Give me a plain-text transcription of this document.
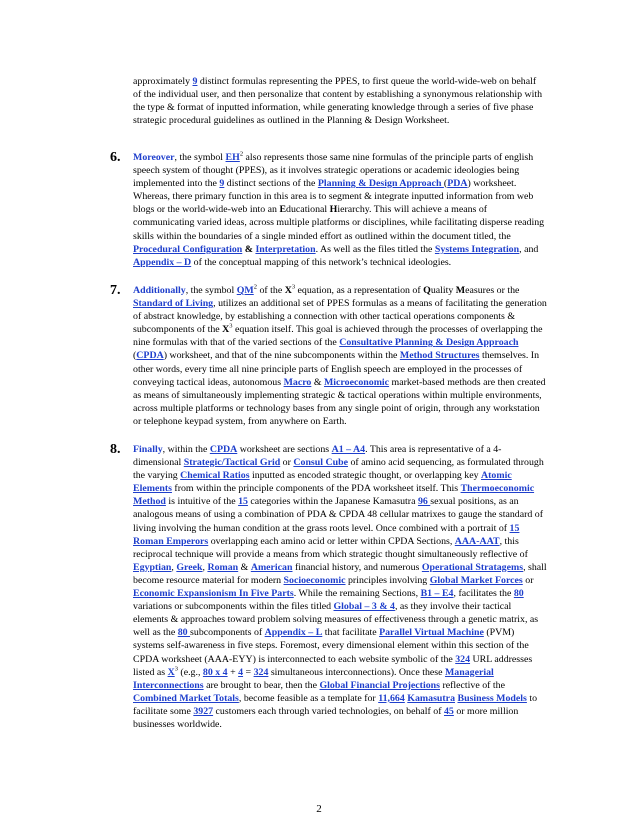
approximately 9 distinct formulas representing the PPES, to first queue the world-wide-web on behalf of the individual user, and then personalize that content by establishing a synonymous relationship with the type & format of inputted information, while generating knowledge through a series of five phase strategic procedural guidelines as outlined in the Planning & Design Worksheet.
6. Moreover, the symbol $EH^2$ also represents those same nine formulas of the principle parts of english speech system of thought (PPES), as it involves strategic operations or academic ideologies being implemented into the 9 distinct sections of the Planning & Design Approach (PDA) worksheet. Whereas, there primary function in this area is to segment & integrate inputted information from web blogs or the world-wide-web into an Educational Hierarchy. This will achieve a means of communicating varied ideas, across multiple platforms or disciplines, while facilitating disperse reading skills within the boundaries of a single minded effort as outlined within the document titled, the Procedural Configuration & Interpretation. As well as the files titled the Systems Integration, and Appendix – D of the conceptual mapping of this network’s technical ideologies.
7. Additionally, the symbol $QM^2$ of the $X^3$ equation, as a representation of Quality Measures or the Standard of Living, utilizes an additional set of PPES formulas as a means of facilitating the generation of abstract knowledge, by establishing a connection with other tactical operations components & subcomponents of the $X^3$ equation itself. This goal is achieved through the processes of overlapping the nine formulas with that of the varied sections of the Consultative Planning & Design Approach (CPDA) worksheet, and that of the nine subcomponents within the Method Structures themselves. In other words, every time all nine principle parts of English speech are employed in the processes of conveying tactical ideas, autonomous Macro & Microeconomic market-based methods are then created as means of simultaneously implementing strategic & tactical operations within multiple environments, across multiple platforms or technology bases from any single point of origin, through any workstation or telephone keypad system, from anywhere on Earth.
8. Finally, within the CPDA worksheet are sections A1 – A4. This area is representative of a 4-dimensional Strategic/Tactical Grid or Consul Cube of amino acid sequencing, as formulated through the varying Chemical Ratios inputted as encoded strategic thought, or overlapping key Atomic Elements from within the principle components of the PDA worksheet itself. This Thermoeconomic Method is intuitive of the 15 categories within the Japanese Kamasutra 96 sexual positions, as an analogous means of using a combination of PDA & CPDA 48 cellular matrixes to gauge the standard of living involving the human condition at the grass roots level. Once combined with a portrait of 15 Roman Emperors overlapping each amino acid or letter within CPDA Sections, AAA-AAT, this reciprocal technique will provide a means from which strategic thought simultaneously reflective of Egyptian, Greek, Roman & American financial history, and numerous Operational Stratagems, shall become resource material for modern Socioeconomic principles involving Global Market Forces or Economic Expansionism In Five Parts. While the remaining Sections, B1 – E4, facilitates the 80 variations or subcomponents within the files titled Global – 3 & 4, as they involve their tactical elements & approaches toward problem solving measures of effectiveness through a genetic matrix, as well as the 80 subcomponents of Appendix – L that facilitate Parallel Virtual Machine (PVM) systems self-awareness in five steps. Foremost, every dimensional element within this section of the CPDA worksheet (AAA-EYY) is interconnected to each website symbolic of the 324 URL addresses listed as $X^3$ (e.g., 80 x 4 + 4 = 324 simultaneous interconnections). Once these Managerial Interconnections are brought to bear, then the Global Financial Projections reflective of the Combined Market Totals, become feasible as a template for 11,664 Kamasutra Business Models to facilitate some 3927 customers each through varied technologies, on behalf of 45 or more million businesses worldwide.
2
